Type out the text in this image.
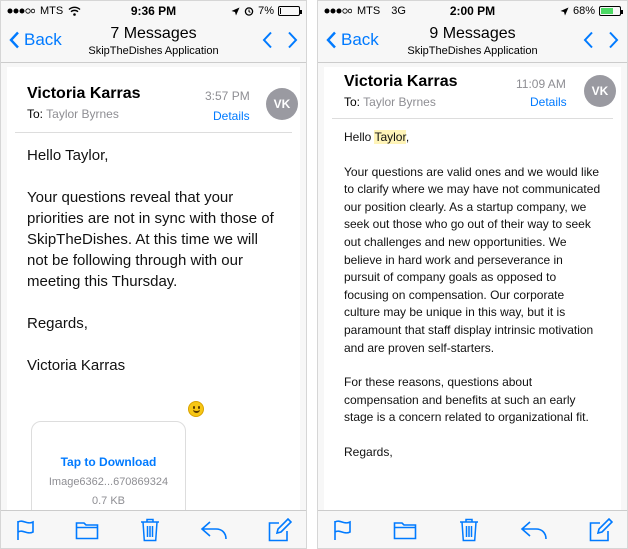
MTS	9:36 PM	7%
Back	7 Messages
SkipTheDishes Application
Victoria Karras
To: Taylor Byrnes
3:57 PM
Details
VK

Hello Taylor,

Your questions reveal that your priorities are not in sync with those of SkipTheDishes. At this time we will not be following through with our meeting this Thursday.

Regards,

Victoria Karras

Tap to Download
Image6362...670869324
0.7 KB
MTS 3G	2:00 PM	68%
Back	9 Messages
SkipTheDishes Application
Victoria Karras
To: Taylor Byrnes
11:09 AM
Details
VK

Hello Taylor,

Your questions are valid ones and we would like to clarify where we may have not communicated our position clearly. As a startup company, we seek out those who go out of their way to seek out challenges and new opportunities. We believe in hard work and perseverance in pursuit of company goals as opposed to focusing on compensation. Our corporate culture may be unique in this way, but it is paramount that staff display intrinsic motivation and are proven self-starters.

For these reasons, questions about compensation and benefits at such an early stage is a concern related to organizational fit.

Regards,
